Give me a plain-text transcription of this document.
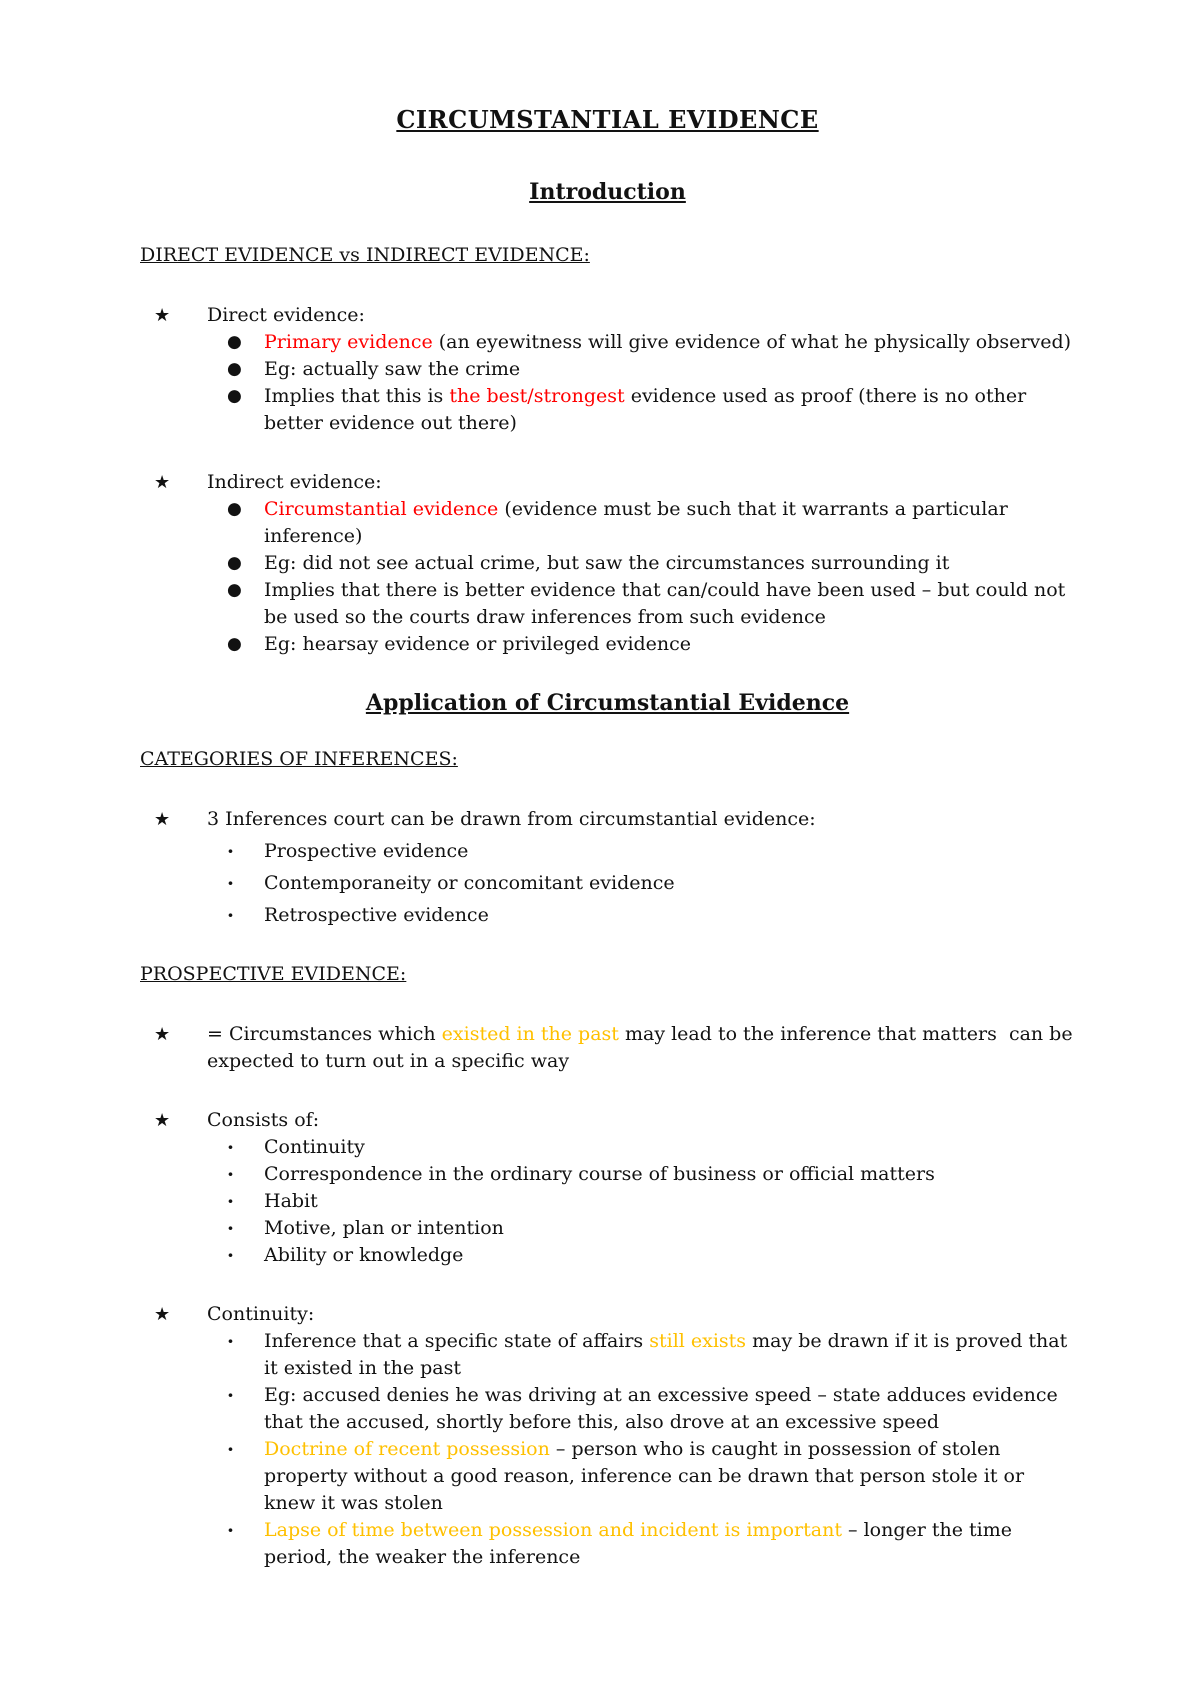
CIRCUMSTANTIAL EVIDENCE
Introduction

DIRECT EVIDENCE vs INDIRECT EVIDENCE:

★	Direct evidence:
●	Primary evidence (an eyewitness will give evidence of what he physically observed)
●	Eg: actually saw the crime
●	Implies that this is the best/strongest evidence used as proof (there is no other better evidence out there)
★	Indirect evidence:
●	Circumstantial evidence (evidence must be such that it warrants a particular inference)
●	Eg: did not see actual crime, but saw the circumstances surrounding it
●	Implies that there is better evidence that can/could have been used – but could not be used so the courts draw inferences from such evidence
●	Eg: hearsay evidence or privileged evidence
Application of Circumstantial Evidence

CATEGORIES OF INFERENCES:

★	3 Inferences court can be drawn from circumstantial evidence:
·	Prospective evidence
·	Contemporaneity or concomitant evidence
·	Retrospective evidence

PROSPECTIVE EVIDENCE:

★	= Circumstances which existed in the past may lead to the inference that matters  can be expected to turn out in a specific way
★	Consists of:
·	Continuity
·	Correspondence in the ordinary course of business or official matters
·	Habit
·	Motive, plan or intention
·	Ability or knowledge
★	Continuity:
·	Inference that a specific state of affairs still exists may be drawn if it is proved that it existed in the past
·	Eg: accused denies he was driving at an excessive speed – state adduces evidence that the accused, shortly before this, also drove at an excessive speed
·	Doctrine of recent possession – person who is caught in possession of stolen property without a good reason, inference can be drawn that person stole it or knew it was stolen
·	Lapse of time between possession and incident is important – longer the time period, the weaker the inference
